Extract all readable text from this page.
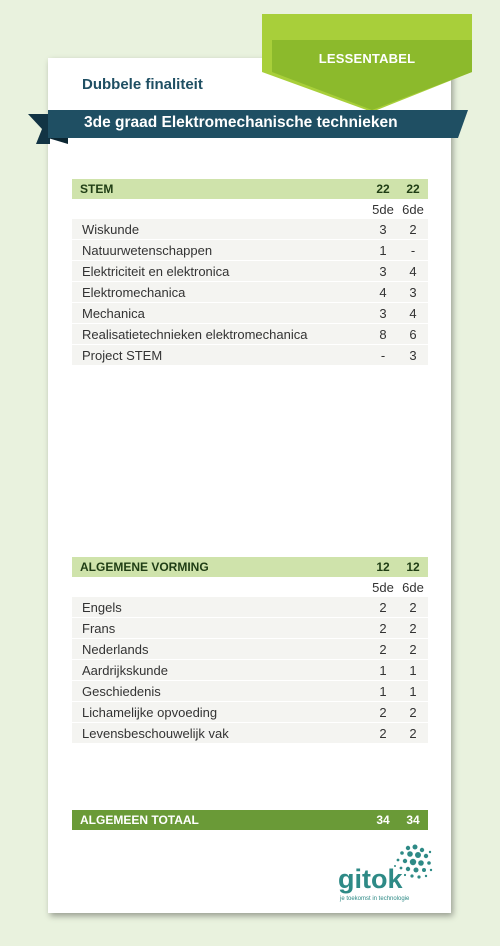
LESSENTABEL
Dubbele finaliteit
3de graad Elektromechanische technieken
STEM	22	22
5de 6de
Wiskunde	3	2
Natuurwetenschappen	1	-
Elektriciteit en elektronica	3	4
Elektromechanica	4	3
Mechanica	3	4
Realisatietechnieken elektromechanica	8	6
Project STEM	-	3
ALGEMENE VORMING	12	12
5de 6de
Engels	2	2
Frans	2	2
Nederlands	2	2
Aardrijkskunde	1	1
Geschiedenis	1	1
Lichamelijke opvoeding	2	2
Levensbeschouwelijk vak	2	2
ALGEMEEN TOTAAL	34	34
gitok
je toekomst in technologie
